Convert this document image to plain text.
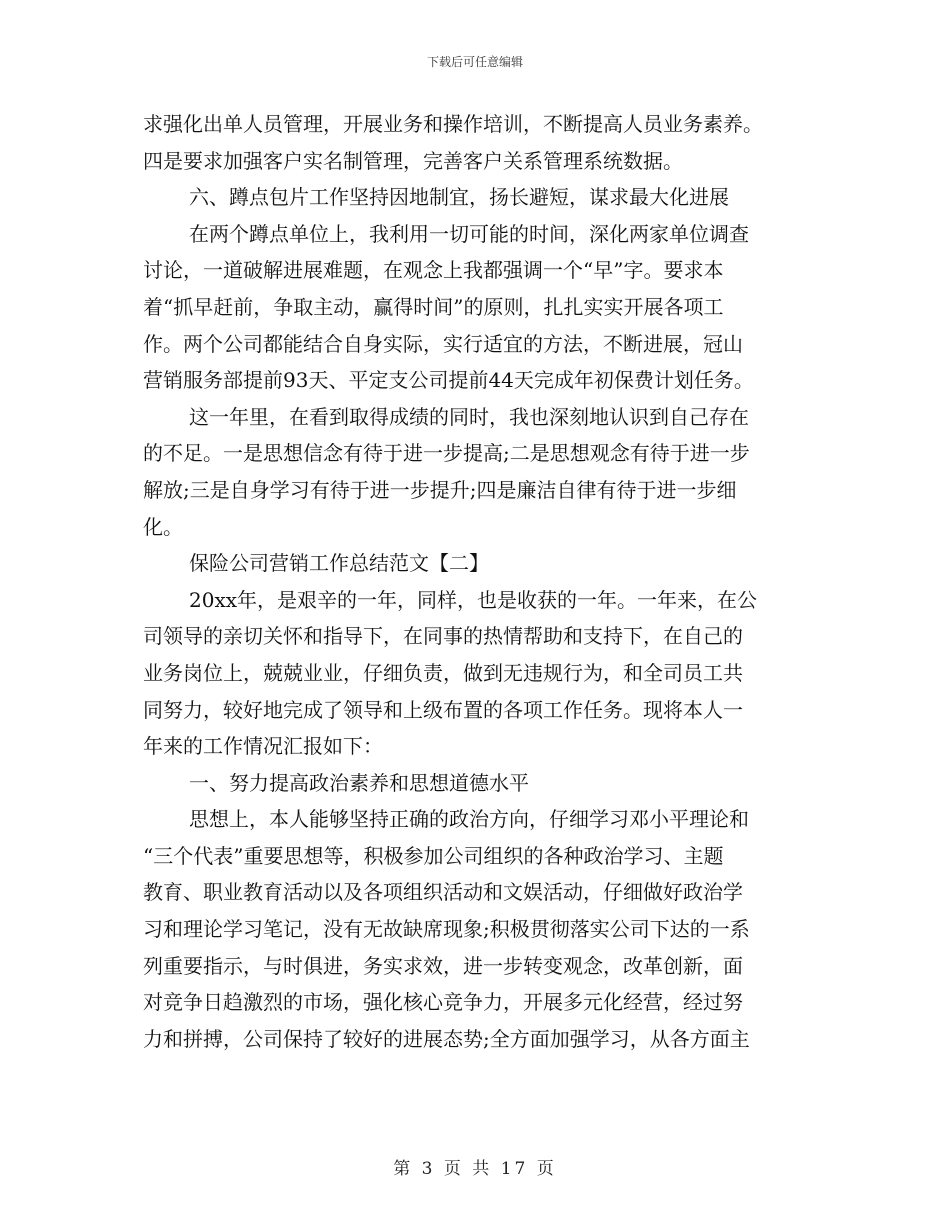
下载后可任意编辑
求强化出单人员管理，开展业务和操作培训，不断提高人员业务素养。
四是要求加强客户实名制管理，完善客户关系管理系统数据。
六、蹲点包片工作坚持因地制宜，扬长避短，谋求最大化进展
在两个蹲点单位上，我利用一切可能的时间，深化两家单位调查
讨论，一道破解进展难题，在观念上我都强调一个“早”字。要求本
着“抓早赶前，争取主动，赢得时间”的原则，扎扎实实开展各项工
作。两个公司都能结合自身实际，实行适宜的方法，不断进展，冠山
营销服务部提前93天、平定支公司提前44天完成年初保费计划任务。
这一年里，在看到取得成绩的同时，我也深刻地认识到自己存在
的不足。一是思想信念有待于进一步提高;二是思想观念有待于进一步
解放;三是自身学习有待于进一步提升;四是廉洁自律有待于进一步细
化。
保险公司营销工作总结范文【二】
20xx年，是艰辛的一年，同样，也是收获的一年。一年来，在公
司领导的亲切关怀和指导下，在同事的热情帮助和支持下，在自己的
业务岗位上，兢兢业业，仔细负责，做到无违规行为，和全司员工共
同努力，较好地完成了领导和上级布置的各项工作任务。现将本人一
年来的工作情况汇报如下：
一、努力提高政治素养和思想道德水平
思想上，本人能够坚持正确的政治方向，仔细学习邓小平理论和
“三个代表”重要思想等，积极参加公司组织的各种政治学习、主题
教育、职业教育活动以及各项组织活动和文娱活动，仔细做好政治学
习和理论学习笔记，没有无故缺席现象;积极贯彻落实公司下达的一系
列重要指示，与时俱进，务实求效，进一步转变观念，改革创新，面
对竞争日趋激烈的市场，强化核心竞争力，开展多元化经营，经过努
力和拼搏，公司保持了较好的进展态势;全方面加强学习，从各方面主
第 3 页 共 17 页
